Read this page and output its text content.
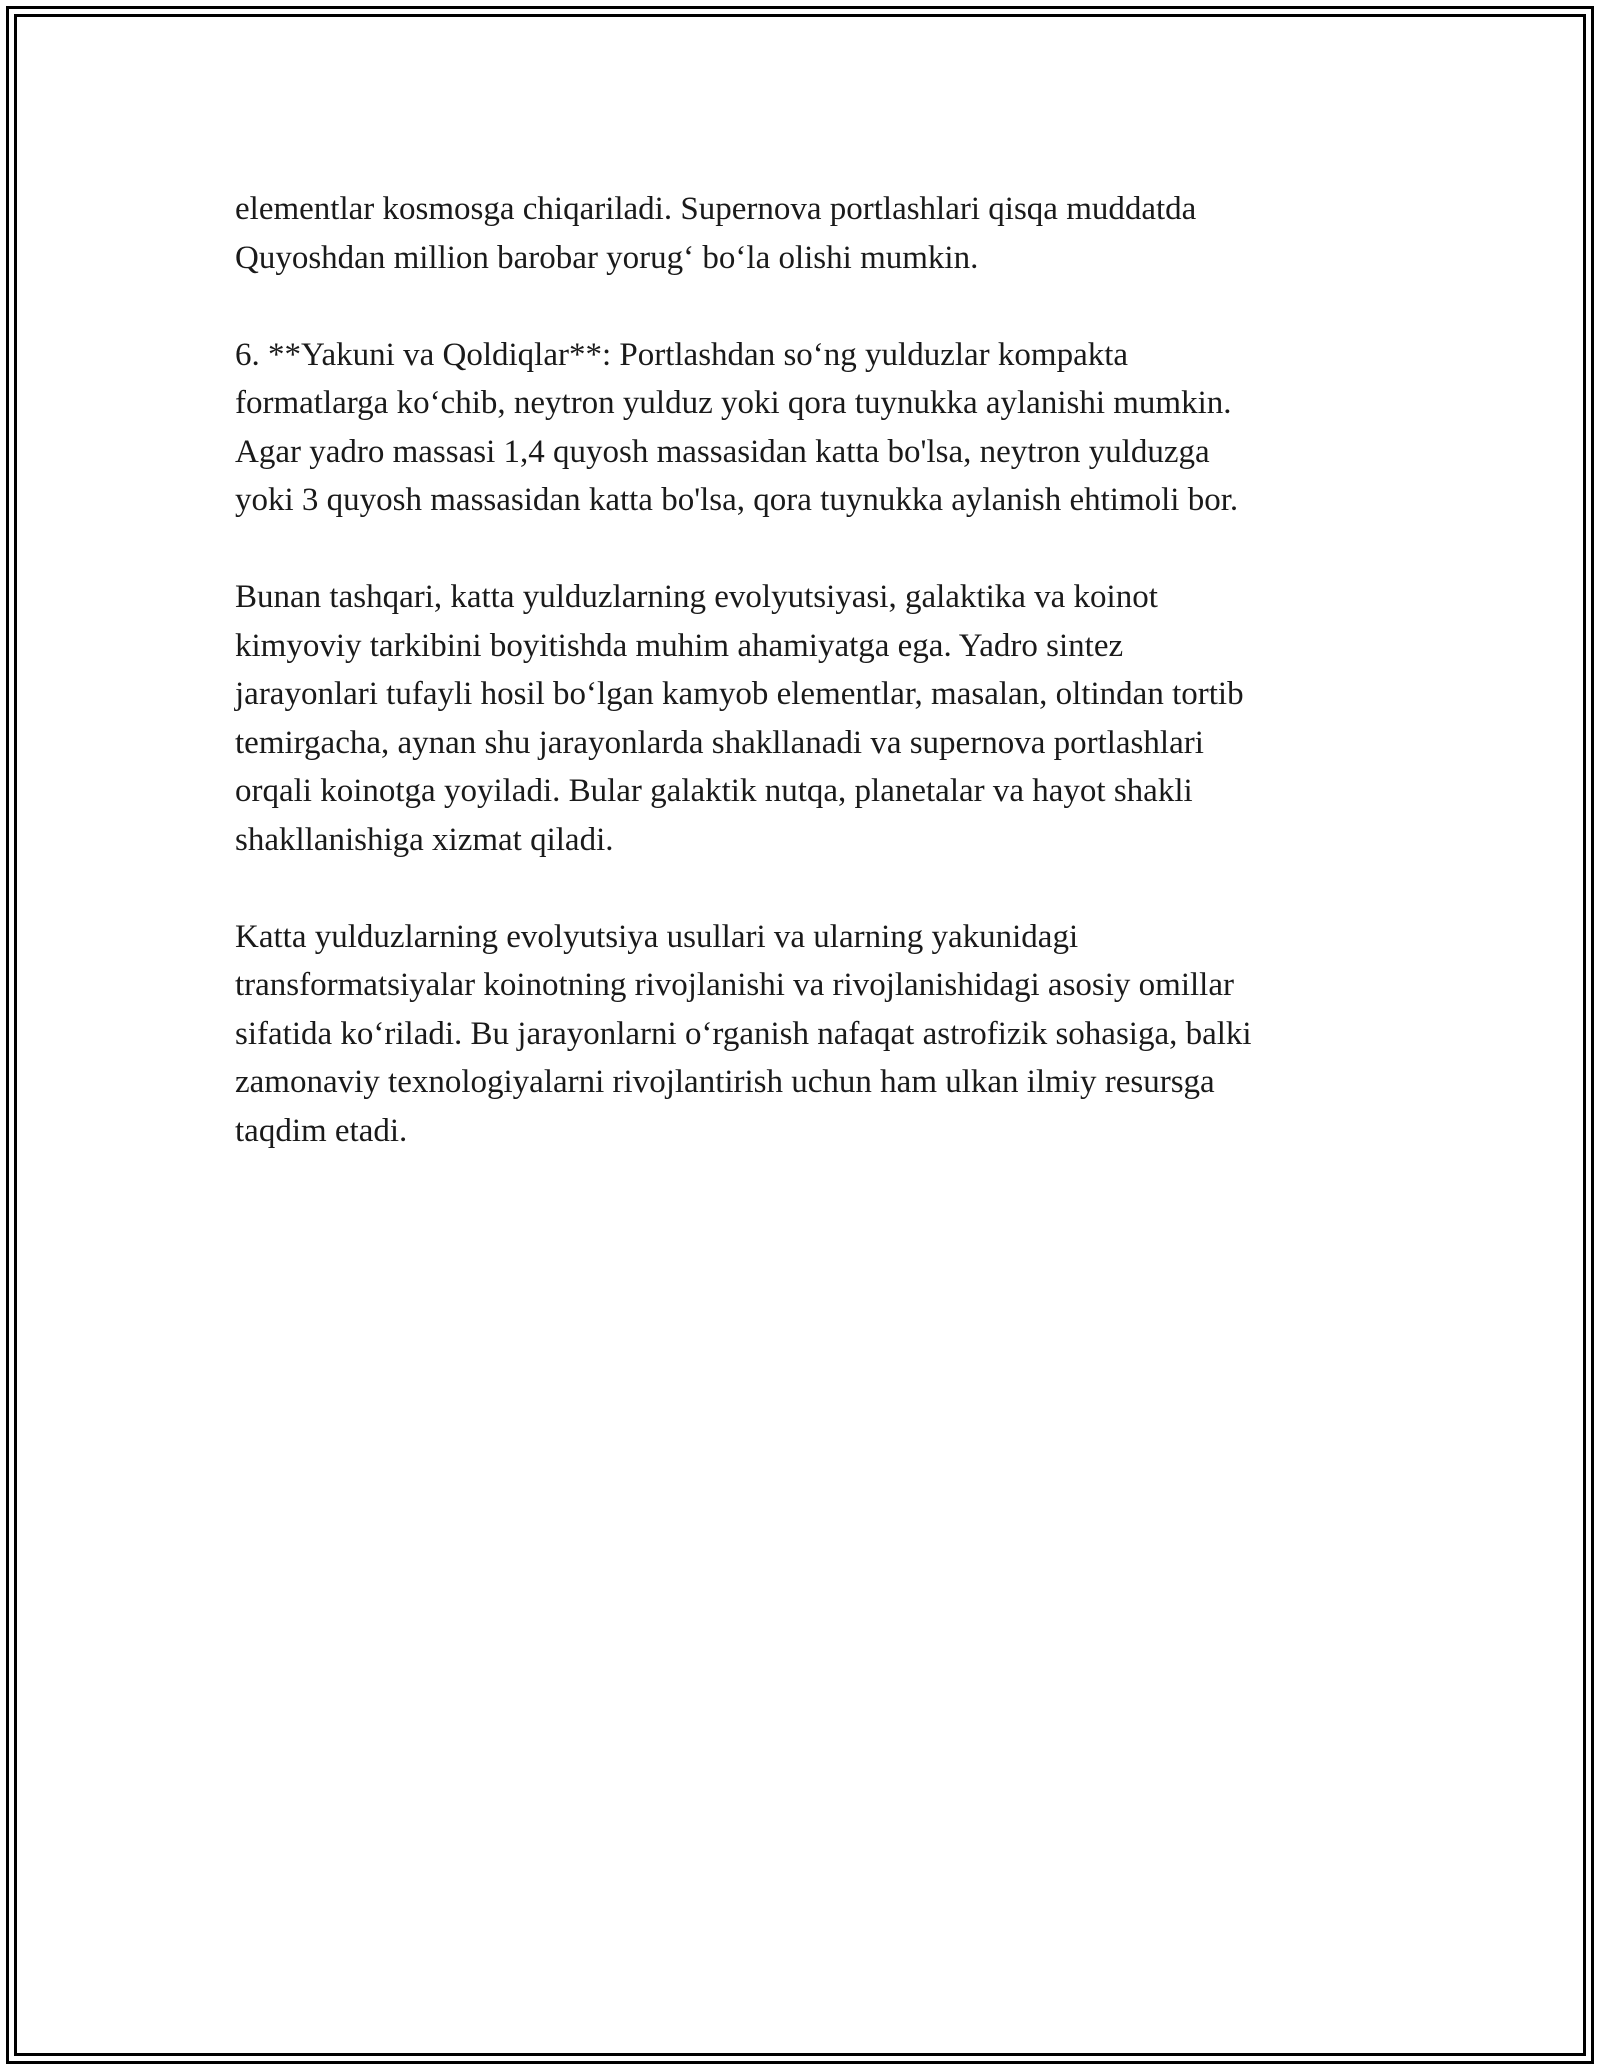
elementlar kosmosga chiqariladi. Supernova portlashlari qisqa muddatda
Quyoshdan million barobar yorug‘ bo‘la olishi mumkin.

6. **Yakuni va Qoldiqlar**: Portlashdan so‘ng yulduzlar kompakta
formatlarga ko‘chib, neytron yulduz yoki qora tuynukka aylanishi mumkin.
Agar yadro massasi 1,4 quyosh massasidan katta bo'lsa, neytron yulduzga
yoki 3 quyosh massasidan katta bo'lsa, qora tuynukka aylanish ehtimoli bor.

Bunan tashqari, katta yulduzlarning evolyutsiyasi, galaktika va koinot
kimyoviy tarkibini boyitishda muhim ahamiyatga ega. Yadro sintez
jarayonlari tufayli hosil bo‘lgan kamyob elementlar, masalan, oltindan tortib
temirgacha, aynan shu jarayonlarda shakllanadi va supernova portlashlari
orqali koinotga yoyiladi. Bular galaktik nutqa, planetalar va hayot shakli
shakllanishiga xizmat qiladi.

Katta yulduzlarning evolyutsiya usullari va ularning yakunidagi
transformatsiyalar koinotning rivojlanishi va rivojlanishidagi asosiy omillar
sifatida ko‘riladi. Bu jarayonlarni o‘rganish nafaqat astrofizik sohasiga, balki
zamonaviy texnologiyalarni rivojlantirish uchun ham ulkan ilmiy resursga
taqdim etadi.
